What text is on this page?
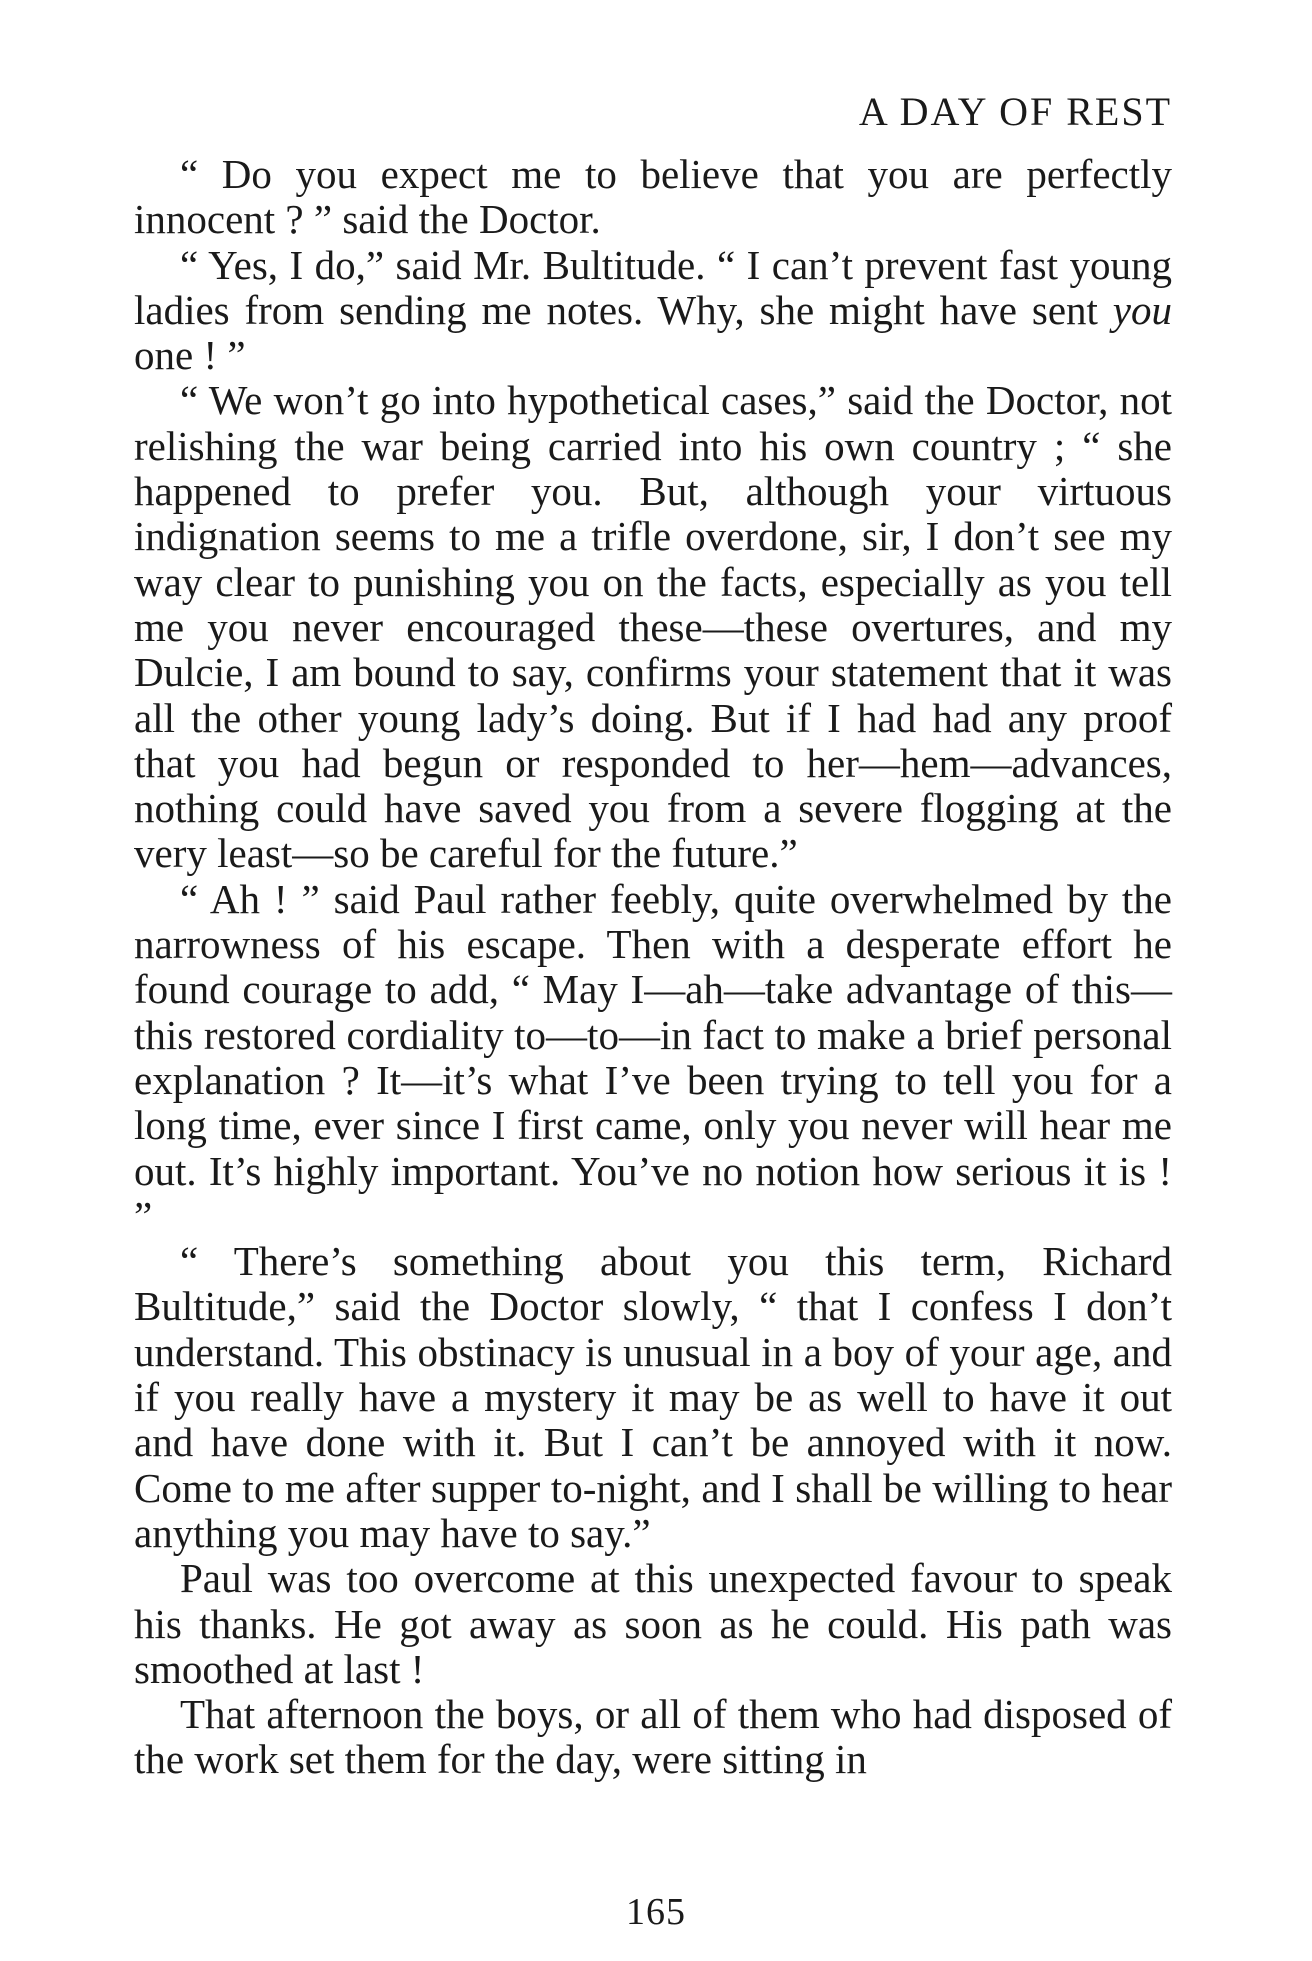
A DAY OF REST

“ Do you expect me to believe that you are perfectly innocent ? ” said the Doctor.

“ Yes, I do,” said Mr. Bultitude. “ I can’t prevent fast young ladies from sending me notes. Why, she might have sent you one ! ”

“ We won’t go into hypothetical cases,” said the Doctor, not relishing the war being carried into his own country ; “ she happened to prefer you. But, although your virtuous indignation seems to me a trifle overdone, sir, I don’t see my way clear to punishing you on the facts, especially as you tell me you never encouraged these—these overtures, and my Dulcie, I am bound to say, confirms your statement that it was all the other young lady’s doing. But if I had had any proof that you had begun or responded to her—hem—advances, nothing could have saved you from a severe flogging at the very least—so be careful for the future.”

“ Ah ! ” said Paul rather feebly, quite overwhelmed by the narrowness of his escape. Then with a desperate effort he found courage to add, “ May I—ah—take advantage of this—this restored cordiality to—to—in fact to make a brief personal explanation ? It—it’s what I’ve been trying to tell you for a long time, ever since I first came, only you never will hear me out. It’s highly important. You’ve no notion how serious it is ! ”

“ There’s something about you this term, Richard Bultitude,” said the Doctor slowly, “ that I confess I don’t understand. This obstinacy is unusual in a boy of your age, and if you really have a mystery it may be as well to have it out and have done with it. But I can’t be annoyed with it now. Come to me after supper to-night, and I shall be willing to hear anything you may have to say.”

Paul was too overcome at this unexpected favour to speak his thanks. He got away as soon as he could. His path was smoothed at last !

That afternoon the boys, or all of them who had disposed of the work set them for the day, were sitting in

165
